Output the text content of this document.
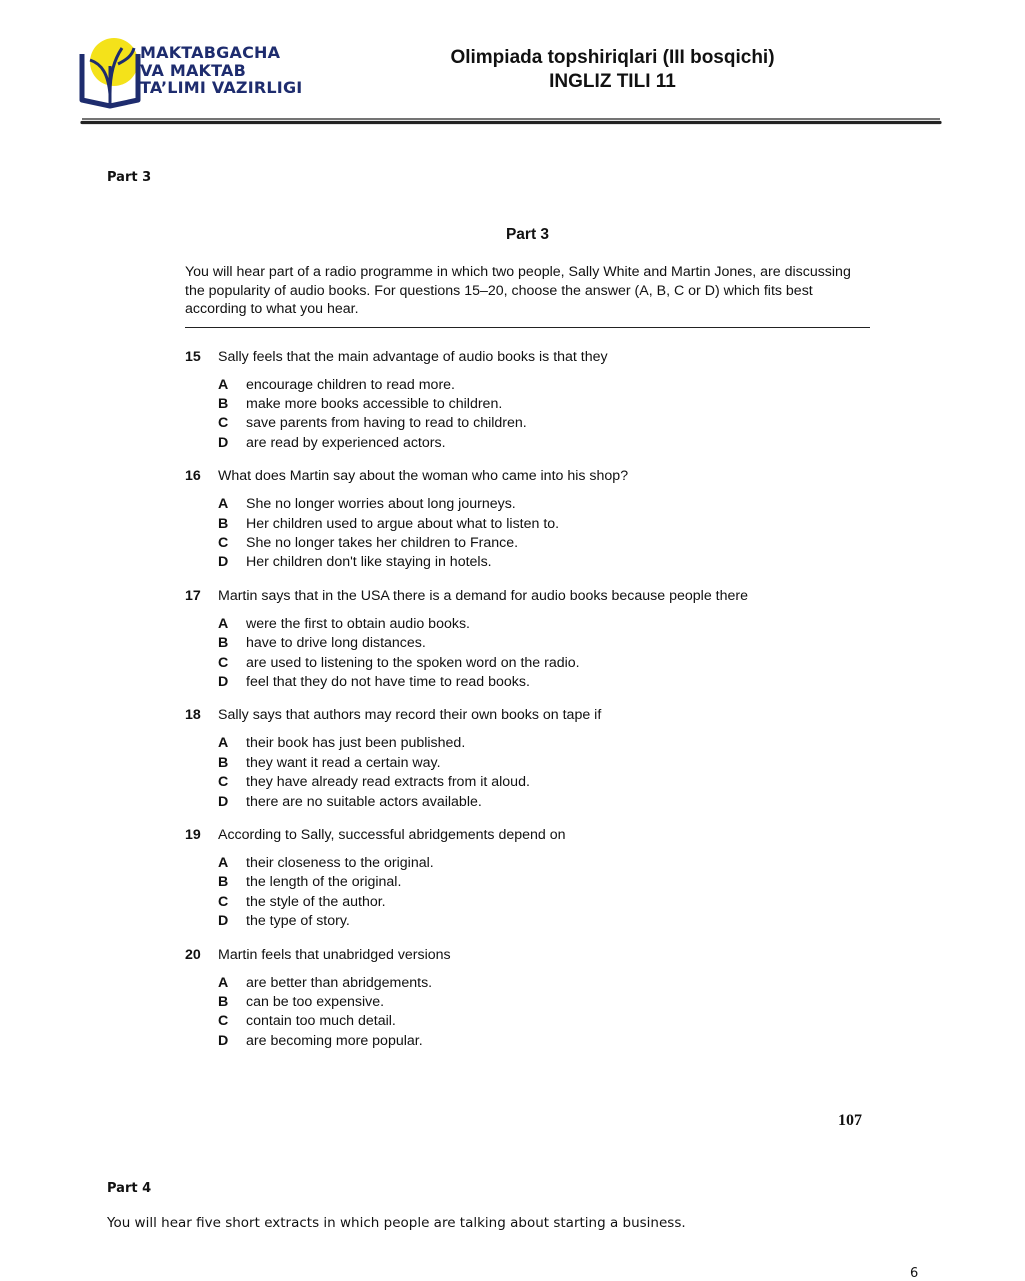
MAKTABGACHA
VA MAKTAB
TA’LIMI VAZIRLIGI
Olimpiada topshiriqlari (III bosqichi)
INGLIZ TILI 11
Part 3
Part 3
You will hear part of a radio programme in which two people, Sally White and Martin Jones, are discussing the popularity of audio books. For questions 15–20, choose the answer (A, B, C or D) which fits best according to what you hear.
15	Sally feels that the main advantage of audio books is that they
A	encourage children to read more.
B	make more books accessible to children.
C	save parents from having to read to children.
D	are read by experienced actors.
16	What does Martin say about the woman who came into his shop?
A	She no longer worries about long journeys.
B	Her children used to argue about what to listen to.
C	She no longer takes her children to France.
D	Her children don't like staying in hotels.
17	Martin says that in the USA there is a demand for audio books because people there
A	were the first to obtain audio books.
B	have to drive long distances.
C	are used to listening to the spoken word on the radio.
D	feel that they do not have time to read books.
18	Sally says that authors may record their own books on tape if
A	their book has just been published.
B	they want it read a certain way.
C	they have already read extracts from it aloud.
D	there are no suitable actors available.
19	According to Sally, successful abridgements depend on
A	their closeness to the original.
B	the length of the original.
C	the style of the author.
D	the type of story.
20	Martin feels that unabridged versions
A	are better than abridgements.
B	can be too expensive.
C	contain too much detail.
D	are becoming more popular.
107
Part 4
You will hear five short extracts in which people are talking about starting a business.
6
